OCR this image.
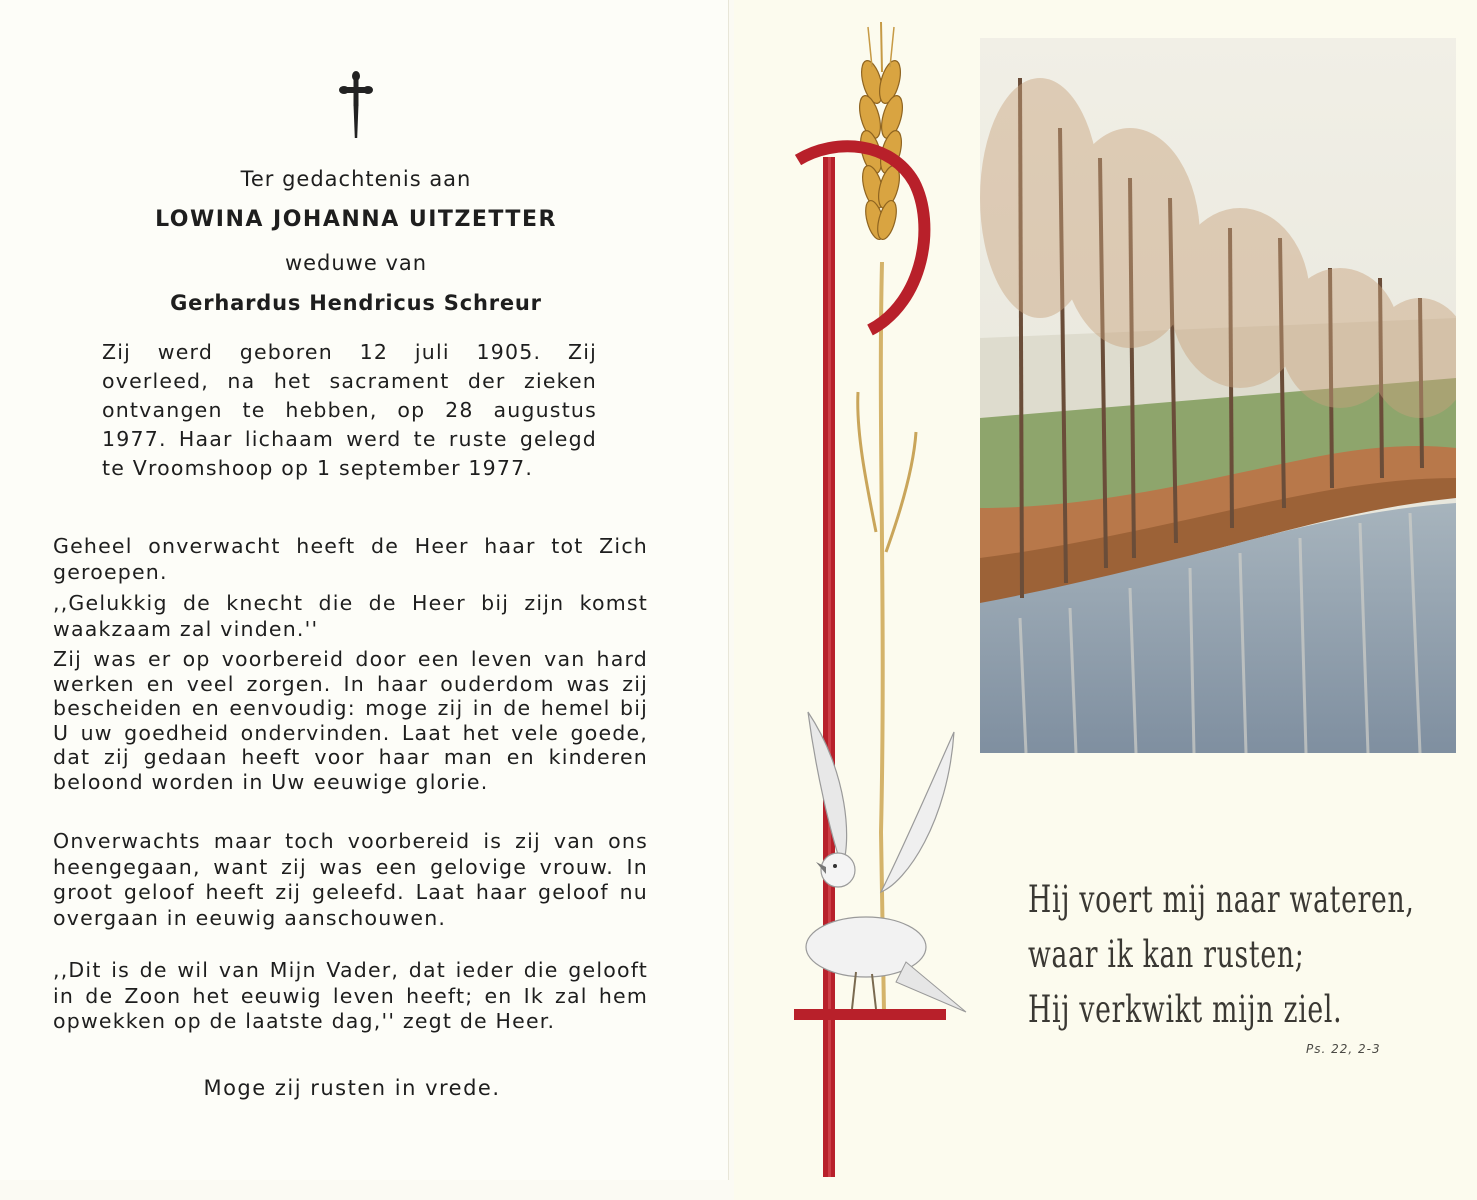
Ter gedachtenis aan
LOWINA JOHANNA UITZETTER
weduwe van
Gerhardus Hendricus Schreur

Zij werd geboren 12 juli 1905. Zij overleed, na het sacrament der zieken ontvangen te hebben, op 28 augustus 1977. Haar lichaam werd te ruste gelegd te Vroomshoop op 1 september 1977.

Geheel onverwacht heeft de Heer haar tot Zich geroepen.

,,Gelukkig de knecht die de Heer bij zijn komst waakzaam zal vinden.''

Zij was er op voorbereid door een leven van hard werken en veel zorgen. In haar ouderdom was zij bescheiden en eenvoudig: moge zij in de hemel bij U uw goedheid ondervinden. Laat het vele goede, dat zij gedaan heeft voor haar man en kinderen beloond worden in Uw eeuwige glorie.

Onverwachts maar toch voorbereid is zij van ons heengegaan, want zij was een gelovige vrouw. In groot geloof heeft zij geleefd. Laat haar geloof nu overgaan in eeuwig aanschouwen.

,,Dit is de wil van Mijn Vader, dat ieder die gelooft in de Zoon het eeuwig leven heeft; en Ik zal hem opwekken op de laatste dag,'' zegt de Heer.

Moge zij rusten in vrede.
Hij voert mij naar wateren,
waar ik kan rusten;
Hij verkwikt mijn ziel.
Ps. 22, 2-3
